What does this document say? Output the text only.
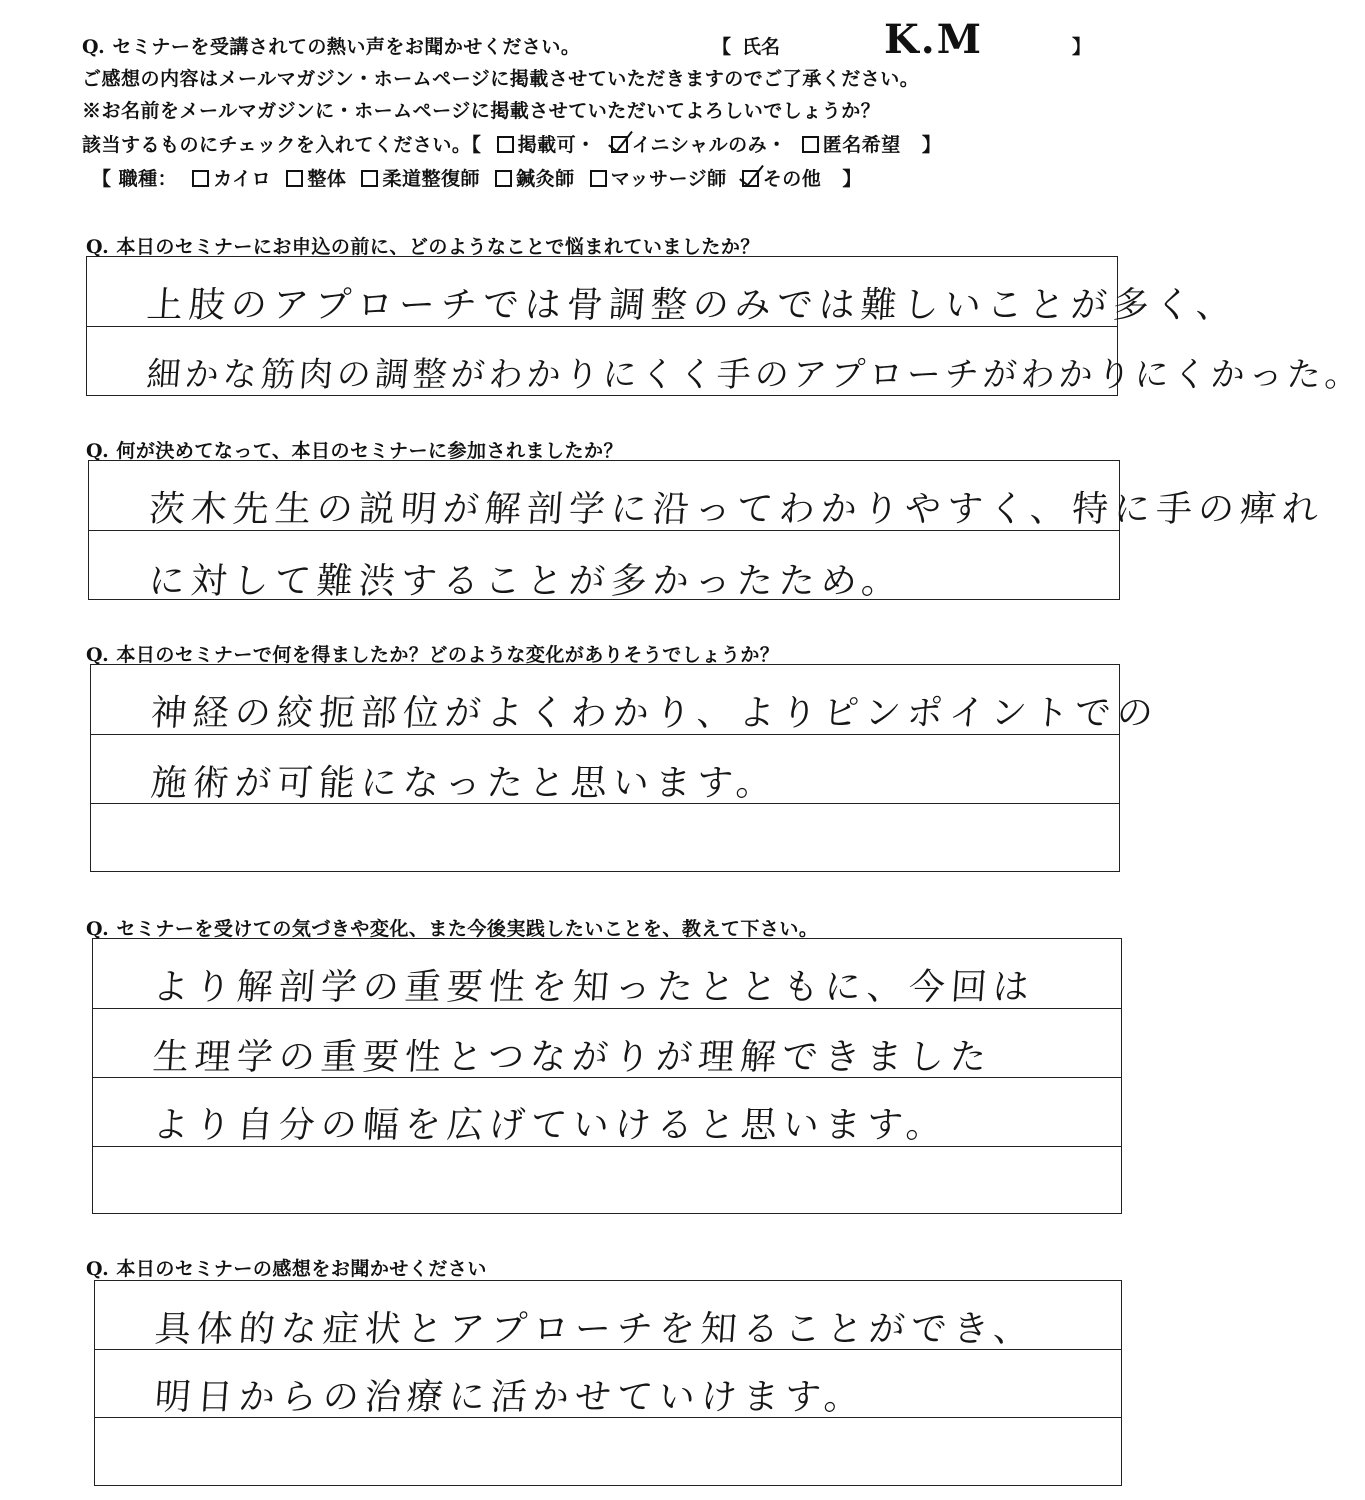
Q. セミナーを受講されての熱い声をお聞かせください。	【 氏名	K.M	】
ご感想の内容はメールマガジン・ホームページに掲載させていただきますのでご了承ください。
※お名前をメールマガジンに・ホームページに掲載させていただいてよろしいでしょうか？
該当するものにチェックを入れてください。【 掲載可・ イニシャルのみ・ 匿名希望 】
【 職種： カイロ 整体 柔道整復師 鍼灸師 マッサージ師 その他 】
Q. 本日のセミナーにお申込の前に、どのようなことで悩まれていましたか？
上肢のアプローチでは骨調整のみでは難しいことが多く、
細かな筋肉の調整がわかりにくく手のアプローチがわかりにくかった。
Q. 何が決めてなって、本日のセミナーに参加されましたか？
茨木先生の説明が解剖学に沿ってわかりやすく、特に手の痺れ
に対して難渋することが多かったため。
Q. 本日のセミナーで何を得ましたか？どのような変化がありそうでしょうか？
神経の絞扼部位がよくわかり、よりピンポイントでの
施術が可能になったと思います。
Q. セミナーを受けての気づきや変化、また今後実践したいことを、教えて下さい。
より解剖学の重要性を知ったとともに、今回は
生理学の重要性とつながりが理解できました
より自分の幅を広げていけると思います。
Q. 本日のセミナーの感想をお聞かせください
具体的な症状とアプローチを知ることができ、
明日からの治療に活かせていけます。
